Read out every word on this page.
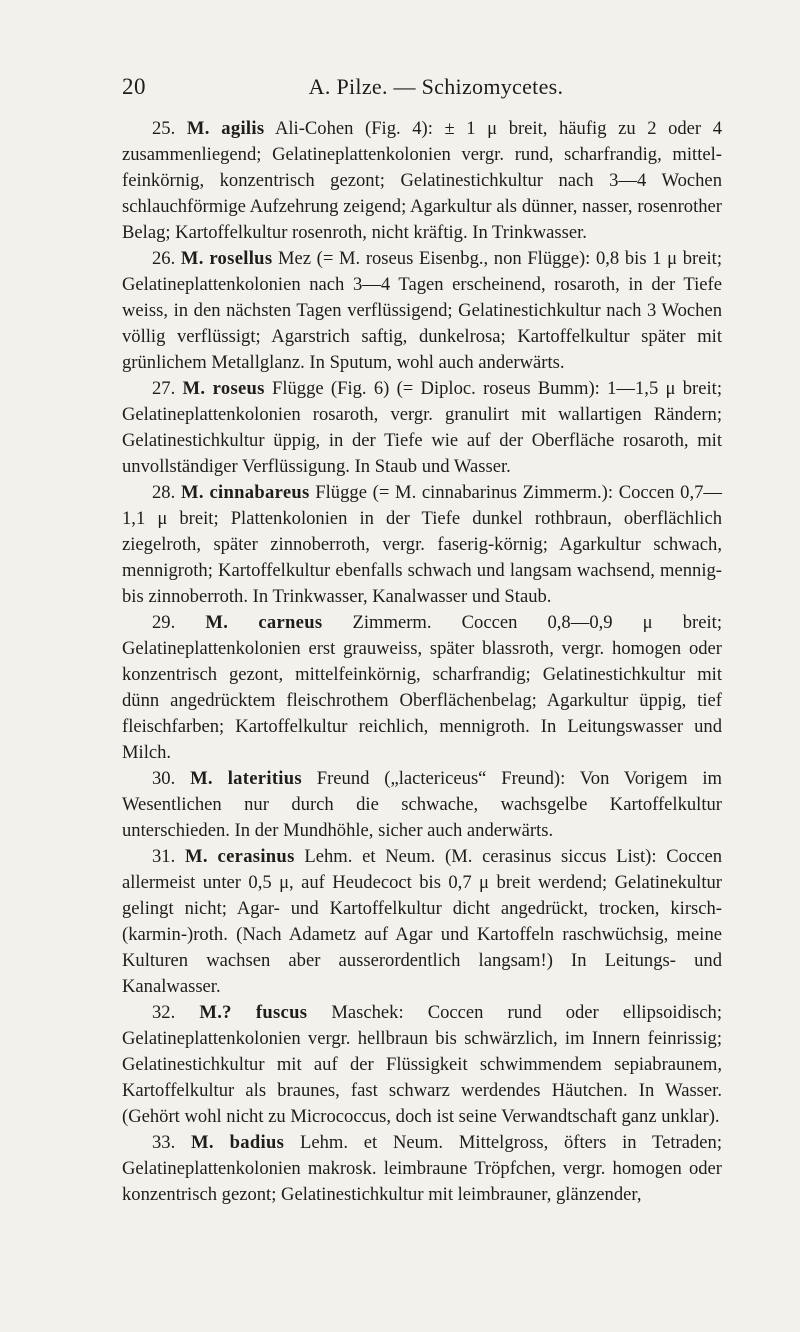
20	A. Pilze. — Schizomycetes.

25. M. agilis Ali-Cohen (Fig. 4): ± 1 μ breit, häufig zu 2 oder 4 zusammenliegend; Gelatineplattenkolonien vergr. rund, scharfrandig, mittel-feinkörnig, konzentrisch gezont; Gelatinestichkultur nach 3—4 Wochen schlauchförmige Aufzehrung zeigend; Agarkultur als dünner, nasser, rosenrother Belag; Kartoffelkultur rosenroth, nicht kräftig. In Trinkwasser.

26. M. rosellus Mez (= M. roseus Eisenbg., non Flügge): 0,8 bis 1 μ breit; Gelatineplattenkolonien nach 3—4 Tagen erscheinend, rosaroth, in der Tiefe weiss, in den nächsten Tagen verflüssigend; Gelatinestichkultur nach 3 Wochen völlig verflüssigt; Agarstrich saftig, dunkelrosa; Kartoffelkultur später mit grünlichem Metallglanz. In Sputum, wohl auch anderwärts.

27. M. roseus Flügge (Fig. 6) (= Diploc. roseus Bumm): 1—1,5 μ breit; Gelatineplattenkolonien rosaroth, vergr. granulirt mit wallartigen Rändern; Gelatinestichkultur üppig, in der Tiefe wie auf der Oberfläche rosaroth, mit unvollständiger Verflüssigung. In Staub und Wasser.

28. M. cinnabareus Flügge (= M. cinnabarinus Zimmerm.): Coccen 0,7—1,1 μ breit; Plattenkolonien in der Tiefe dunkel rothbraun, oberflächlich ziegelroth, später zinnoberroth, vergr. faserig-körnig; Agarkultur schwach, mennigroth; Kartoffelkultur ebenfalls schwach und langsam wachsend, mennig- bis zinnoberroth. In Trinkwasser, Kanalwasser und Staub.

29. M. carneus Zimmerm. Coccen 0,8—0,9 μ breit; Gelatineplattenkolonien erst grauweiss, später blassroth, vergr. homogen oder konzentrisch gezont, mittelfeinkörnig, scharfrandig; Gelatinestichkultur mit dünn angedrücktem fleischrothem Oberflächenbelag; Agarkultur üppig, tief fleischfarben; Kartoffelkultur reichlich, mennigroth. In Leitungswasser und Milch.

30. M. lateritius Freund („lactericeus“ Freund): Von Vorigem im Wesentlichen nur durch die schwache, wachsgelbe Kartoffelkultur unterschieden. In der Mundhöhle, sicher auch anderwärts.

31. M. cerasinus Lehm. et Neum. (M. cerasinus siccus List): Coccen allermeist unter 0,5 μ, auf Heudecoct bis 0,7 μ breit werdend; Gelatinekultur gelingt nicht; Agar- und Kartoffelkultur dicht angedrückt, trocken, kirsch- (karmin-)roth. (Nach Adametz auf Agar und Kartoffeln raschwüchsig, meine Kulturen wachsen aber ausserordentlich langsam!) In Leitungs- und Kanalwasser.

32. M.? fuscus Maschek: Coccen rund oder ellipsoidisch; Gelatineplattenkolonien vergr. hellbraun bis schwärzlich, im Innern feinrissig; Gelatinestichkultur mit auf der Flüssigkeit schwimmendem sepiabraunem, Kartoffelkultur als braunes, fast schwarz werdendes Häutchen. In Wasser. (Gehört wohl nicht zu Micrococcus, doch ist seine Verwandtschaft ganz unklar).

33. M. badius Lehm. et Neum. Mittelgross, öfters in Tetraden; Gelatineplattenkolonien makrosk. leimbraune Tröpfchen, vergr. homogen oder konzentrisch gezont; Gelatinestichkultur mit leimbrauner, glänzender,
